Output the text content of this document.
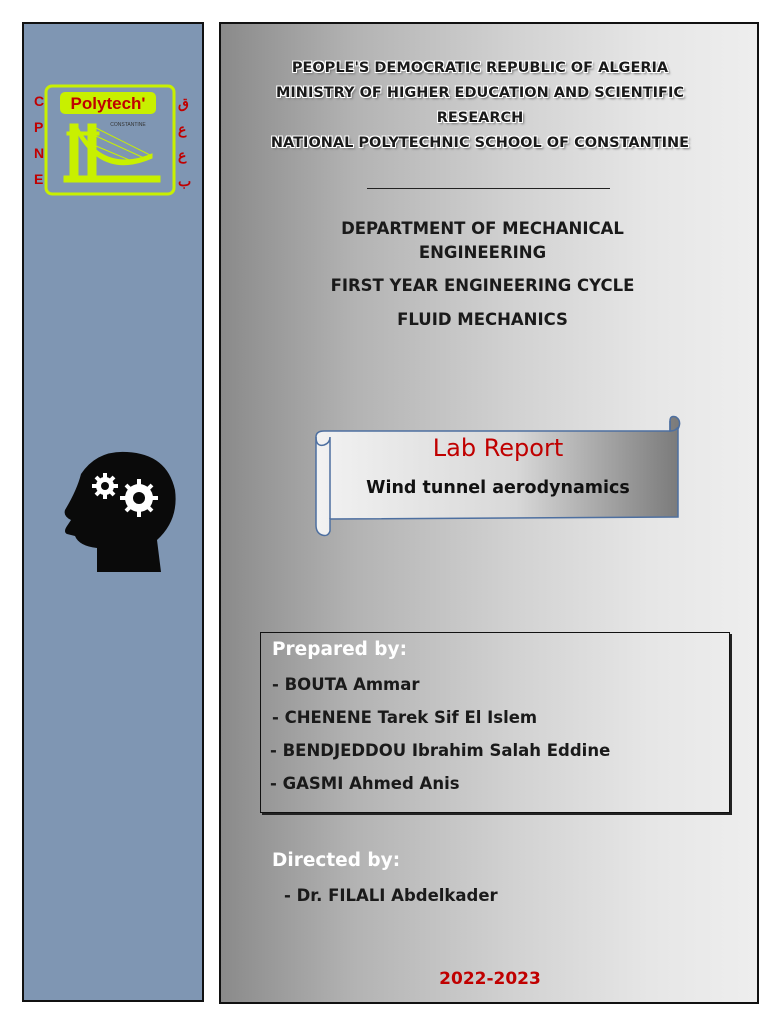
Polytech'
CONSTANTINE
C
P
N
E
ق
ع
ع
ب
PEOPLE'S DEMOCRATIC REPUBLIC OF ALGERIA
MINISTRY OF HIGHER EDUCATION AND SCIENTIFIC
RESEARCH
NATIONAL POLYTECHNIC SCHOOL OF CONSTANTINE
DEPARTMENT OF MECHANICAL
ENGINEERING
FIRST YEAR ENGINEERING CYCLE
FLUID MECHANICS
Lab Report
Wind tunnel aerodynamics
Prepared by:
- BOUTA Ammar
- CHENENE Tarek Sif El Islem
- BENDJEDDOU Ibrahim Salah Eddine
- GASMI Ahmed Anis
Directed by:
- Dr. FILALI Abdelkader
2022-2023
